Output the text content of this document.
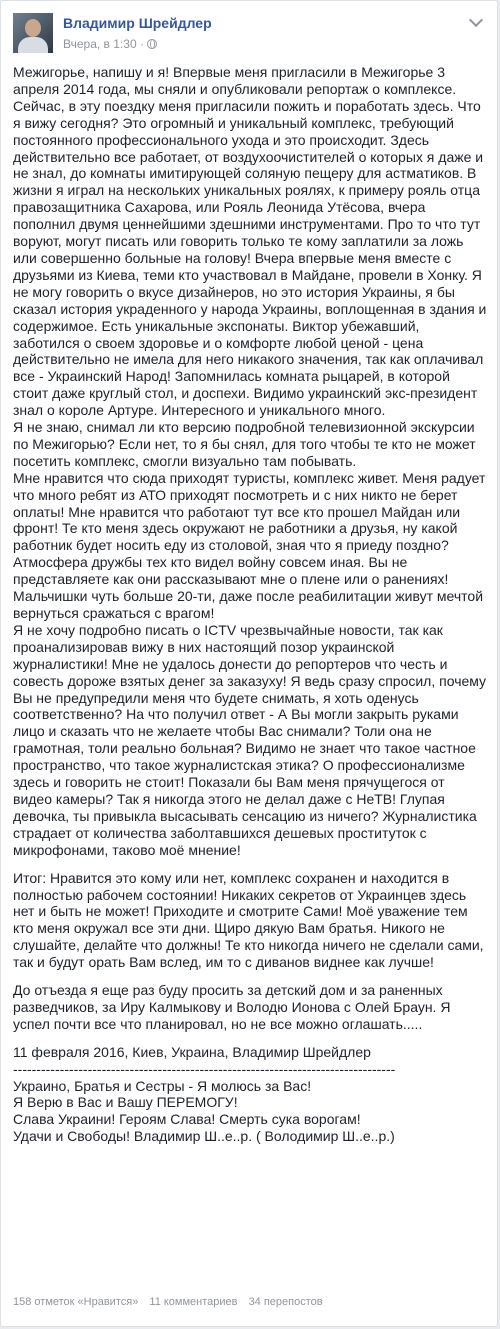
Владимир Шрейдлер
Вчера, в 1:30 ·

Межигорье, напишу и я! Впервые меня пригласили в Межигорье 3 апреля 2014 года, мы сняли и опубликовали репортаж о комплексе. Сейчас, в эту поездку меня пригласили пожить и поработать здесь. Что я вижу сегодня? Это огромный и уникальный комплекс, требующий постоянного профессионального ухода и это происходит. Здесь действительно все работает, от воздухоочистителей о которых я даже и не знал, до комнаты имитирующей соляную пещеру для астматиков. В жизни я играл на нескольких уникальных роялях, к примеру рояль отца правозащитника Сахарова, или Рояль Леонида Утёсова, вчера пополнил двумя ценнейшими здешними инструментами. Про то что тут воруют, могут писать или говорить только те кому заплатили за ложь или совершенно больные на голову! Вчера впервые меня вместе с друзьями из Киева, теми кто участвовал в Майдане, провели в Хонку. Я не могу говорить о вкусе дизайнеров, но это история Украины, я бы сказал история украденного у народа Украины, воплощенная в здания и содержимое. Есть уникальные экспонаты. Виктор убежавший, заботился о своем здоровье и о комфорте любой ценой - цена действительно не имела для него никакого значения, так как оплачивал все - Украинский Народ! Запомнилась комната рыцарей, в которой стоит даже круглый стол, и доспехи. Видимо украинский экс-президент знал о короле Артуре. Интересного и уникального много.
Я не знаю, снимал ли кто версию подробной телевизионной экскурсии по Межигорью? Если нет, то я бы снял, для того чтобы те кто не может посетить комплекс, смогли визуально там побывать.
Мне нравится что сюда приходят туристы, комплекс живет. Меня радует что много ребят из АТО приходят посмотреть и с них никто не берет оплаты! Мне нравится что работают тут все кто прошел Майдан или фронт! Те кто меня здесь окружают не работники а друзья, ну какой работник будет носить еду из столовой, зная что я приеду поздно? Атмосфера дружбы тех кто видел войну совсем иная. Вы не представляете как они рассказывают мне о плене или о ранениях! Мальчишки чуть больше 20-ти, даже после реабилитации живут мечтой вернуться сражаться с врагом!
Я не хочу подробно писать о ICTV чрезвычайные новости, так как проанализировав вижу в них настоящий позор украинской журналистики! Мне не удалось донести до репортеров что честь и совесть дороже взятых денег за заказуху! Я ведь сразу спросил, почему Вы не предупредили меня что будете снимать, я хоть оденусь соответственно? На что получил ответ - А Вы могли закрыть руками лицо и сказать что не желаете чтобы Вас снимали? Толи она не грамотная, толи реально больная? Видимо не знает что такое частное пространство, что такое журналистская этика? О профессионализме здесь и говорить не стоит! Показали бы Вам меня прячущегося от видео камеры? Так я никогда этого не делал даже с НеТВ! Глупая девочка, ты привыкла высасывать сенсацию из ничего? Журналистика страдает от количества заболтавшихся дешевых проституток с микрофонами, таково моё мнение!

Итог: Нравится это кому или нет, комплекс сохранен и находится в полностью рабочем состоянии! Никаких секретов от Украинцев здесь нет и быть не может! Приходите и смотрите Сами! Моё уважение тем кто меня окружал все эти дни. Щиро дякую Вам братья. Никого не слушайте, делайте что должны! Те кто никогда ничего не сделали сами, так и будут орать Вам вслед, им то с диванов виднее как лучше!

До отъезда я еще раз буду просить за детский дом и за раненных разведчиков, за Иру Калмыкову и Володю Ионова с Олей Браун. Я успел почти все что планировал, но не все можно оглашать.....

11 февраля 2016, Киев, Украина, Владимир Шрейдлер
----------------------------------------------------------------------------------
Украино, Братья и Сестры - Я молюсь за Вас!
Я Верю в Вас и Вашу ПЕРЕМОГУ!
Слава Украини! Героям Слава! Смерть сука ворогам!
Удачи и Свободы! Владимир Ш..е..р. ( Володимир Ш..е..р.)

158 отметок «Нравится» 11 комментариев 34 перепостов
